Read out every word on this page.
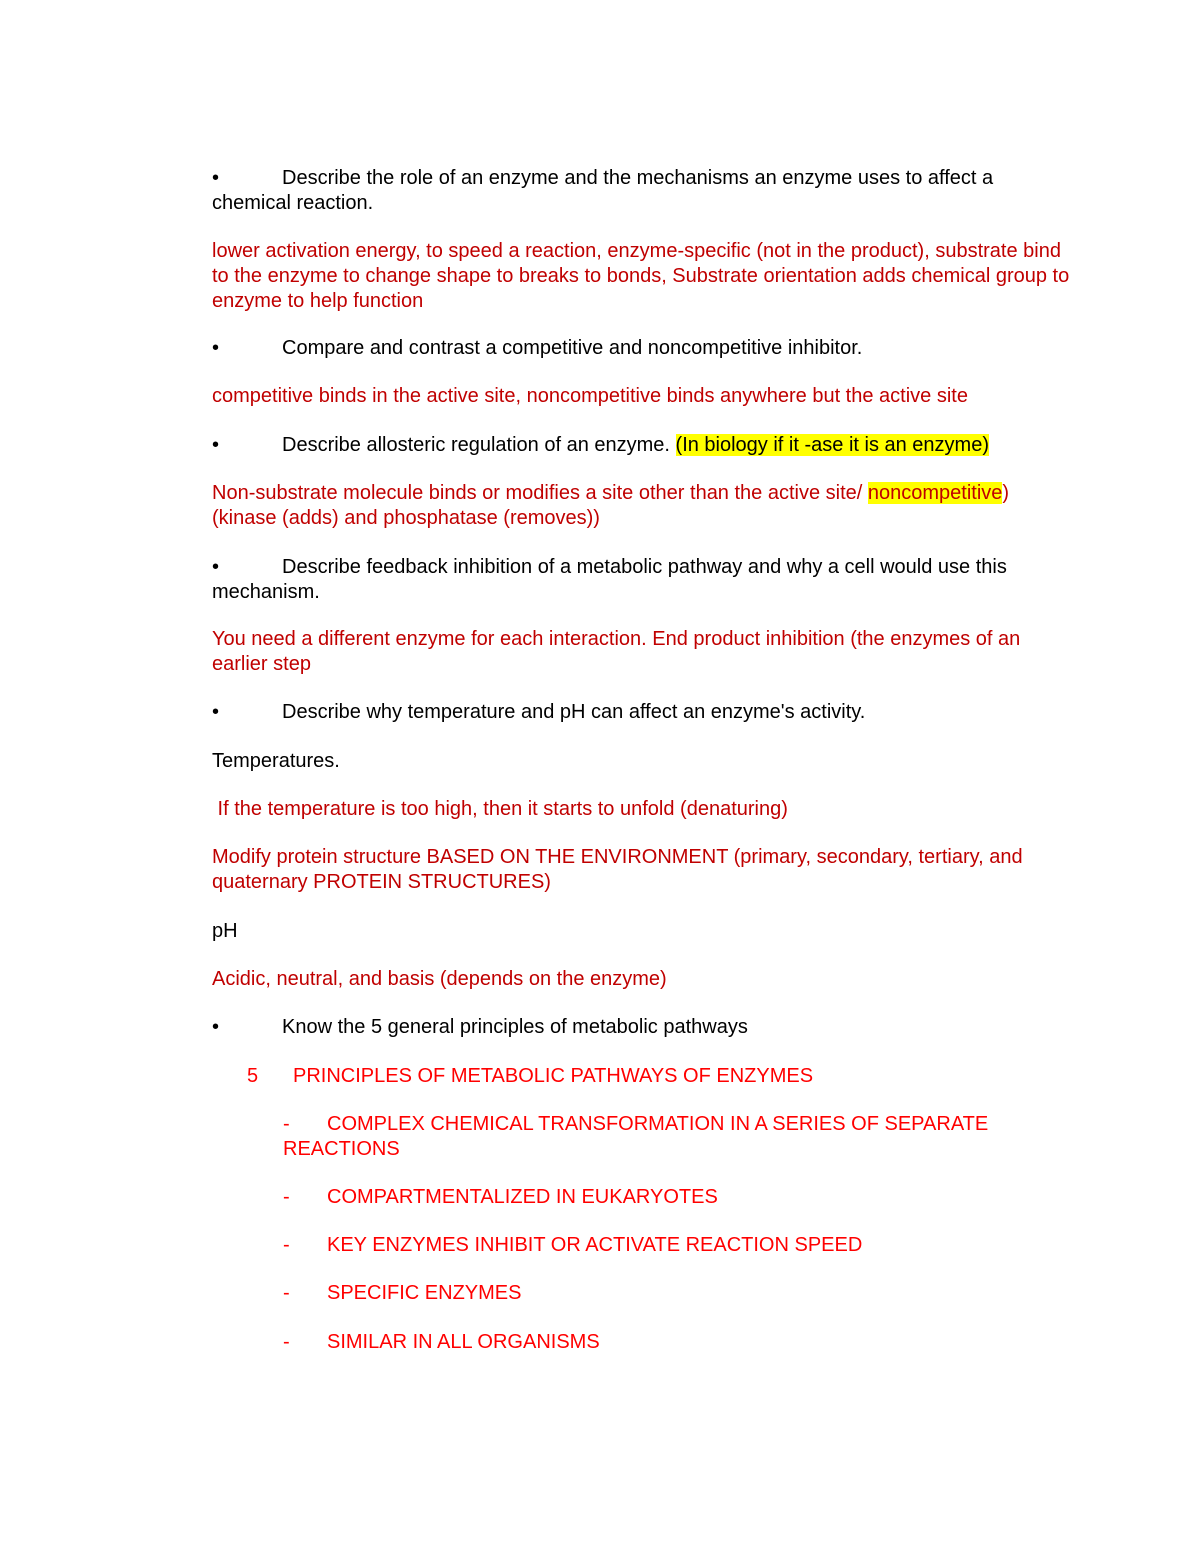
•	Describe the role of an enzyme and the mechanisms an enzyme uses to affect a chemical reaction.

lower activation energy, to speed a reaction, enzyme-specific (not in the product), substrate bind to the enzyme to change shape to breaks to bonds, Substrate orientation adds chemical group to enzyme to help function

•	Compare and contrast a competitive and noncompetitive inhibitor.

competitive binds in the active site, noncompetitive binds anywhere but the active site

•	Describe allosteric regulation of an enzyme. (In biology if it -ase it is an enzyme)

Non-substrate molecule binds or modifies a site other than the active site/ noncompetitive) (kinase (adds) and phosphatase (removes))

•	Describe feedback inhibition of a metabolic pathway and why a cell would use this mechanism.

You need a different enzyme for each interaction. End product inhibition (the enzymes of an earlier step

•	Describe why temperature and pH can affect an enzyme's activity.

Temperatures.

If the temperature is too high, then it starts to unfold (denaturing)

Modify protein structure BASED ON THE ENVIRONMENT (primary, secondary, tertiary, and quaternary PROTEIN STRUCTURES)

pH

Acidic, neutral, and basis (depends on the enzyme)

•	Know the 5 general principles of metabolic pathways

5 PRINCIPLES OF METABOLIC PATHWAYS OF ENZYMES

-	COMPLEX CHEMICAL TRANSFORMATION IN A SERIES OF SEPARATE REACTIONS
- COMPARTMENTALIZED IN EUKARYOTES
- KEY ENZYMES INHIBIT OR ACTIVATE REACTION SPEED
- SPECIFIC ENZYMES
- SIMILAR IN ALL ORGANISMS
